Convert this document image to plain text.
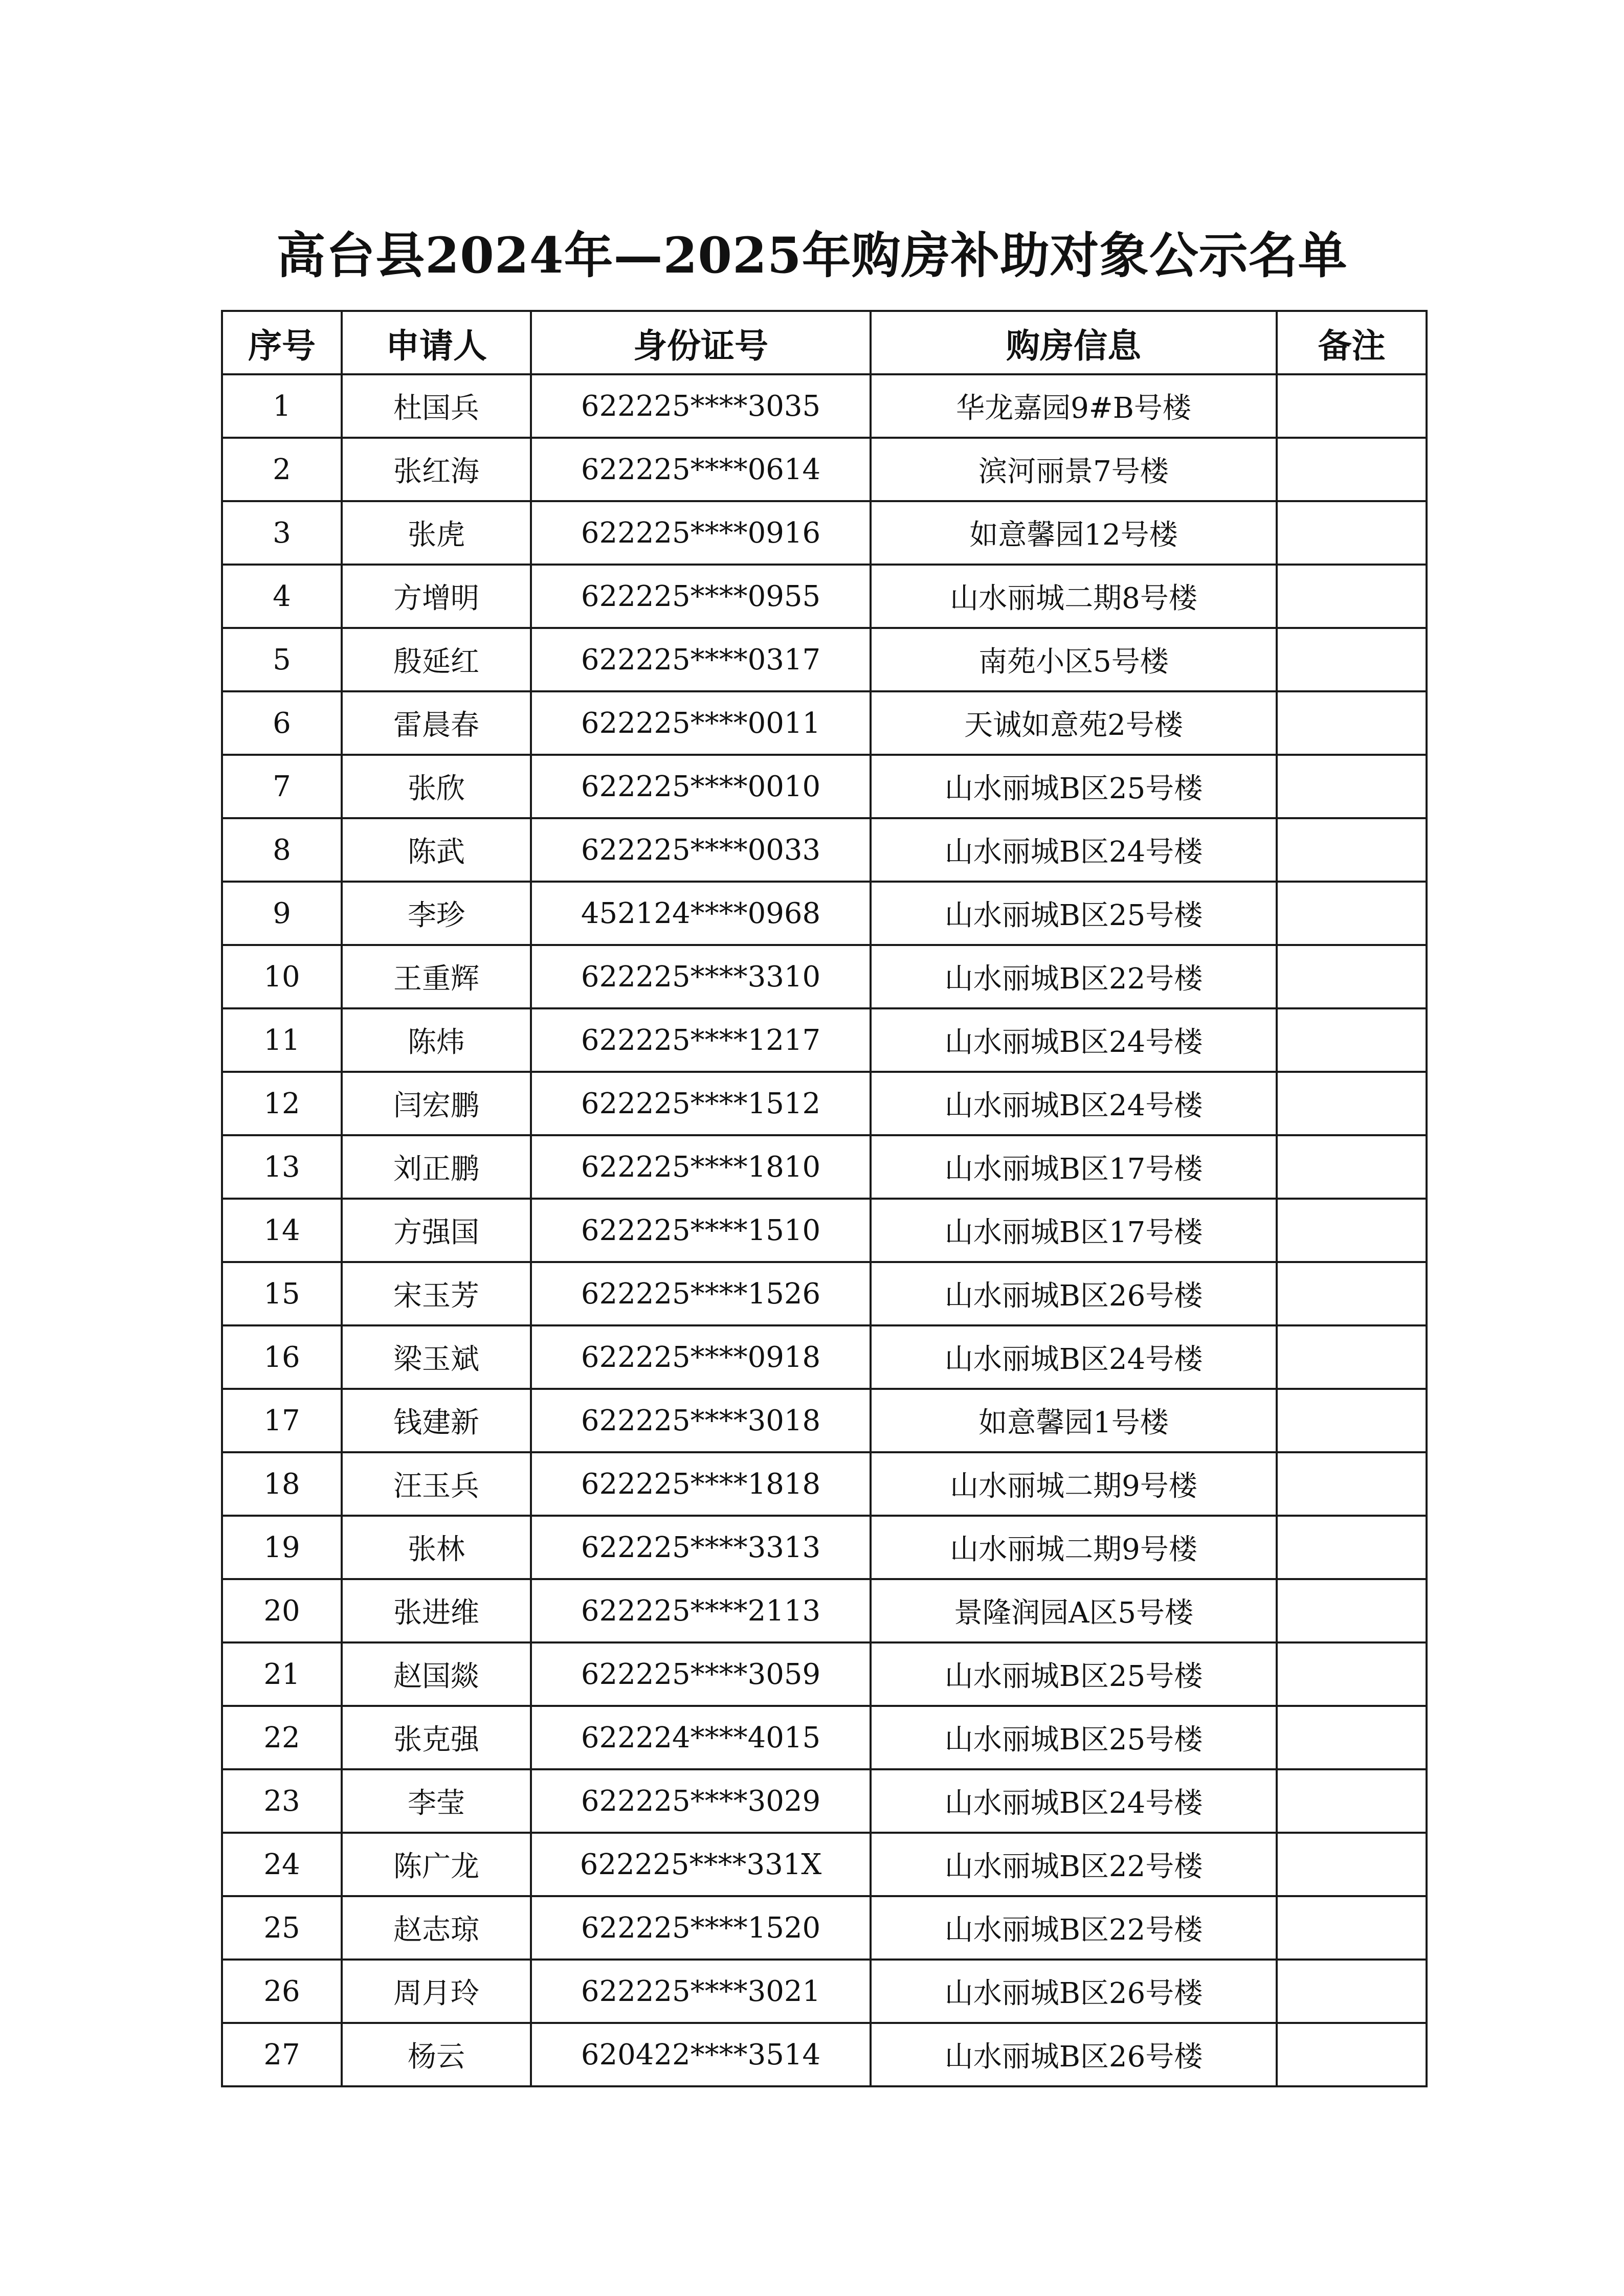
高台县2024年—2025年购房补助对象公示名单
序号	申请人	身份证号	购房信息	备注
1	杜国兵	622225****3035	华龙嘉园9#B号楼	
2	张红海	622225****0614	滨河丽景7号楼	
3	张虎	622225****0916	如意馨园12号楼	
4	方增明	622225****0955	山水丽城二期8号楼	
5	殷延红	622225****0317	南苑小区5号楼	
6	雷晨春	622225****0011	天诚如意苑2号楼	
7	张欣	622225****0010	山水丽城B区25号楼	
8	陈武	622225****0033	山水丽城B区24号楼	
9	李珍	452124****0968	山水丽城B区25号楼	
10	王重辉	622225****3310	山水丽城B区22号楼	
11	陈炜	622225****1217	山水丽城B区24号楼	
12	闫宏鹏	622225****1512	山水丽城B区24号楼	
13	刘正鹏	622225****1810	山水丽城B区17号楼	
14	方强国	622225****1510	山水丽城B区17号楼	
15	宋玉芳	622225****1526	山水丽城B区26号楼	
16	梁玉斌	622225****0918	山水丽城B区24号楼	
17	钱建新	622225****3018	如意馨园1号楼	
18	汪玉兵	622225****1818	山水丽城二期9号楼	
19	张林	622225****3313	山水丽城二期9号楼	
20	张进维	622225****2113	景隆润园A区5号楼	
21	赵国燚	622225****3059	山水丽城B区25号楼	
22	张克强	622224****4015	山水丽城B区25号楼	
23	李莹	622225****3029	山水丽城B区24号楼	
24	陈广龙	622225****331X	山水丽城B区22号楼	
25	赵志琼	622225****1520	山水丽城B区22号楼	
26	周月玲	622225****3021	山水丽城B区26号楼	
27	杨云	620422****3514	山水丽城B区26号楼	
